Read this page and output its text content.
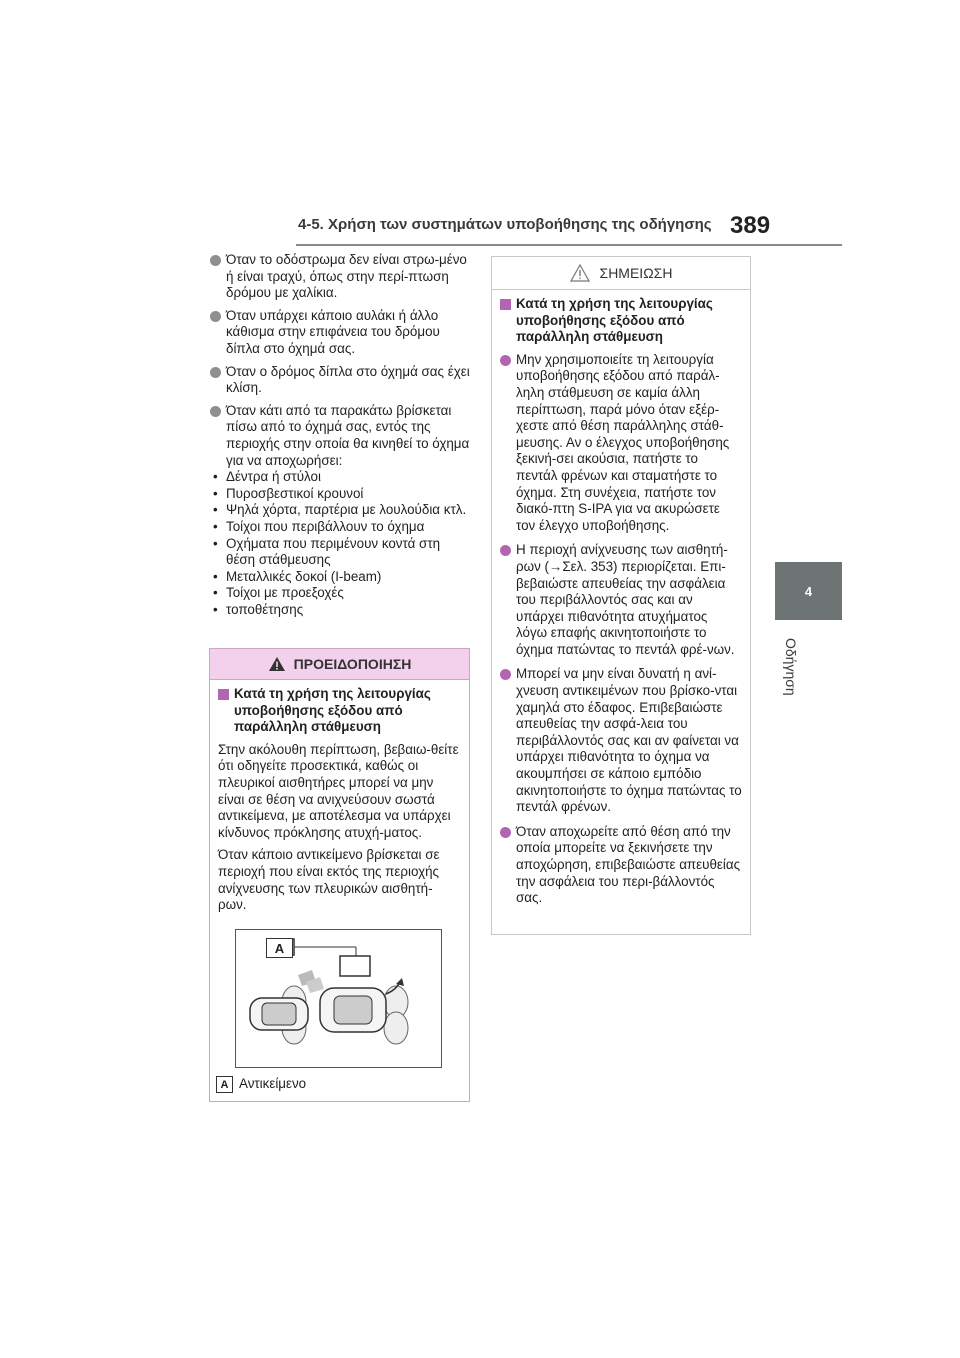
4-5. Χρήση των συστημάτων υποβοήθησης της οδήγησης 389
4
Οδήγηση
Όταν το οδόστρωμα δεν είναι στρω-μένο ή είναι τραχύ, όπως στην περί-πτωση δρόμου με χαλίκια.
Όταν υπάρχει κάποιο αυλάκι ή άλλο κάθισμα στην επιφάνεια του δρόμου δίπλα στο όχημά σας.
Όταν ο δρόμος δίπλα στο όχημά σας έχει κλίση.
Όταν κάτι από τα παρακάτω βρίσκεται πίσω από το όχημά σας, εντός της περιοχής στην οποία θα κινηθεί το όχημα για να αποχωρήσει:
• Δέντρα ή στύλοι
• Πυροσβεστικοί κρουνοί
• Ψηλά χόρτα, παρτέρια με λουλούδια κτλ.
• Τοίχοι που περιβάλλουν το όχημα
• Οχήματα που περιμένουν κοντά στη θέση στάθμευσης
• Μεταλλικές δοκοί (I-beam)
• Τοίχοι με προεξοχές
• τοποθέτησης
ΠΡΟΕΙΔΟΠΟΙΗΣΗ
Κατά τη χρήση της λειτουργίας υποβοήθησης εξόδου από παράλληλη στάθμευση

Στην ακόλουθη περίπτωση, βεβαιω-θείτε ότι οδηγείτε προσεκτικά, καθώς οι πλευρικοί αισθητήρες μπορεί να μην είναι σε θέση να ανιχνεύσουν σωστά αντικείμενα, με αποτέλεσμα να υπάρχει κίνδυνος πρόκλησης ατυχή-ματος.

Όταν κάποιο αντικείμενο βρίσκεται σε περιοχή που είναι εκτός της περιοχής ανίχνευσης των πλευρικών αισθητή-ρων.

A
A Αντικείμενο
ΣΗΜΕΙΩΣΗ
Κατά τη χρήση της λειτουργίας υποβοήθησης εξόδου από παράλληλη στάθμευση
Μην χρησιμοποιείτε τη λειτουργία υποβοήθησης εξόδου από παράλ-ληλη στάθμευση σε καμία άλλη περίπτωση, παρά μόνο όταν εξέρ-χεστε από θέση παράλληλης στάθ-μευσης. Αν ο έλεγχος υποβοήθησης ξεκινή-σει ακούσια, πατήστε το πεντάλ φρένων και σταματήστε το όχημα. Στη συνέχεια, πατήστε τον διακό-πτη S-IPA για να ακυρώσετε τον έλεγχο υποβοήθησης.
Η περιοχή ανίχνευσης των αισθητή-ρων (→Σελ. 353) περιορίζεται. Επι-βεβαιώστε απευθείας την ασφάλεια του περιβάλλοντός σας και αν υπάρχει πιθανότητα ατυχήματος λόγω επαφής ακινητοποιήστε το όχημα πατώντας το πεντάλ φρέ-νων.
Μπορεί να μην είναι δυνατή η ανί-χνευση αντικειμένων που βρίσκο-νται χαμηλά στο έδαφος. Επιβεβαιώστε απευθείας την ασφά-λεια του περιβάλλοντός σας και αν φαίνεται να υπάρχει πιθανότητα το όχημα να ακουμπήσει σε κάποιο εμπόδιο ακινητοποιήστε το όχημα πατώντας το πεντάλ φρένων.
Όταν αποχωρείτε από θέση από την οποία μπορείτε να ξεκινήσετε την αποχώρηση, επιβεβαιώστε απευθείας την ασφάλεια του περι-βάλλοντός σας.
